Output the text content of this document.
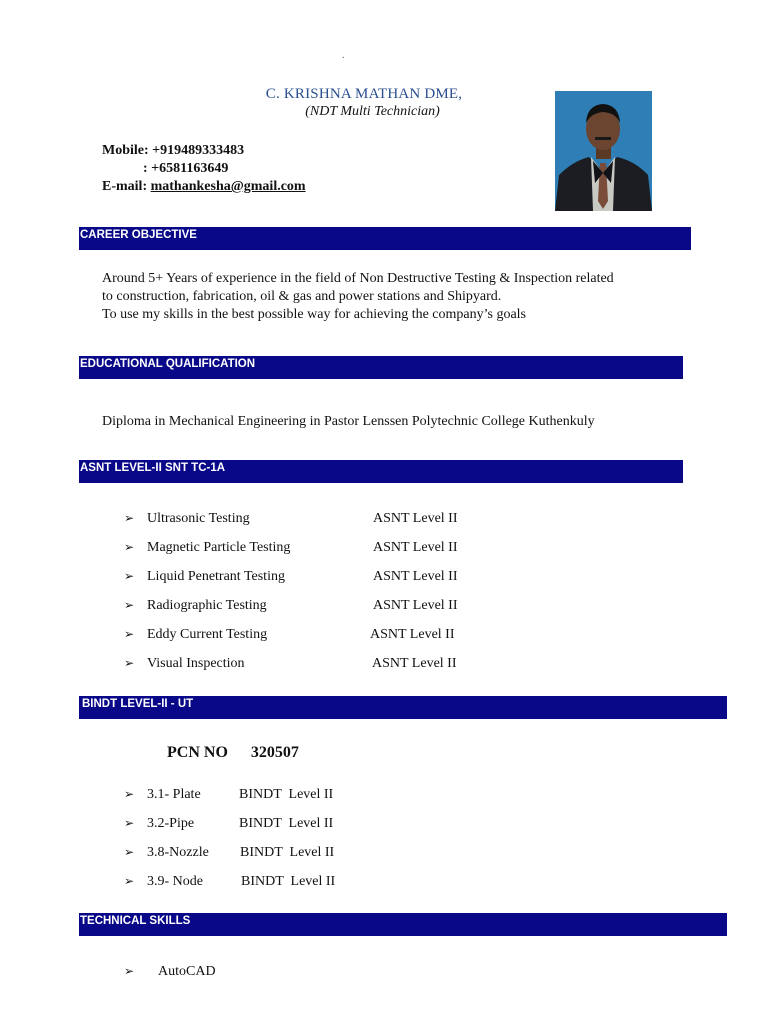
.
C. KRISHNA MATHAN DME,
(NDT Multi Technician)
Mobile: +919489333483
: +6581163649
E-mail: mathankesha@gmail.com
CAREER OBJECTIVE
Around 5+ Years of experience in the field of Non Destructive Testing & Inspection related
to construction, fabrication, oil & gas and power stations and Shipyard.
To use my skills in the best possible way for achieving the company’s goals
EDUCATIONAL QUALIFICATION
Diploma in Mechanical Engineering in Pastor Lenssen Polytechnic College Kuthenkuly
ASNT LEVEL-II SNT TC-1A
➢ Ultrasonic Testing	ASNT Level II
➢ Magnetic Particle Testing	ASNT Level II
➢ Liquid Penetrant Testing	ASNT Level II
➢ Radiographic Testing	ASNT Level II
➢ Eddy Current Testing	ASNT Level II
➢ Visual Inspection	ASNT Level II
BINDT LEVEL-II - UT
PCN NO 320507
➢ 3.1- Plate	BINDT  Level II
➢ 3.2-Pipe	BINDT  Level II
➢ 3.8-Nozzle BINDT  Level II
➢ 3.9- Node	BINDT  Level II
TECHNICAL SKILLS
➢ AutoCAD
